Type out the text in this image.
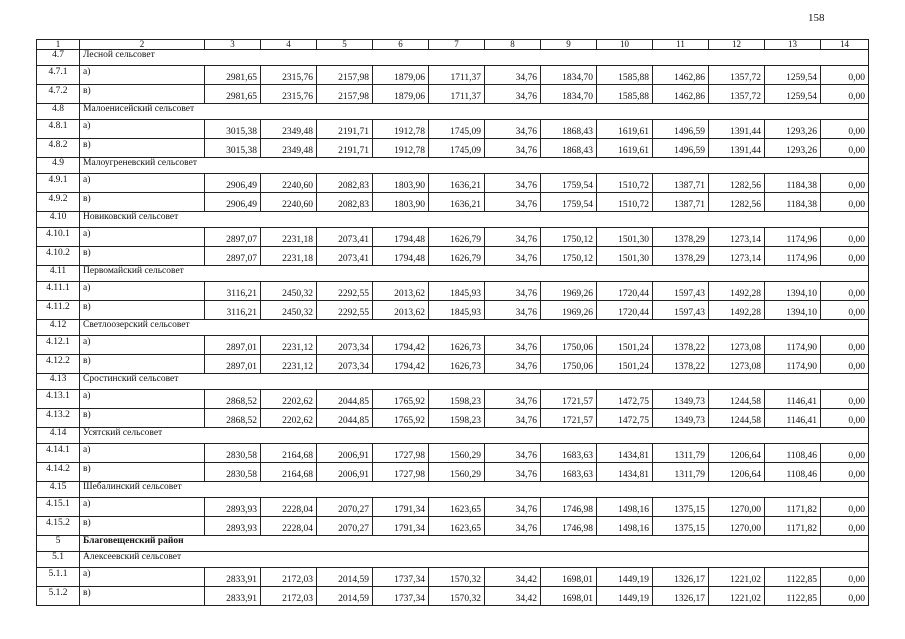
158
1	2	3	4	5	6	7	8	9	10	11	12	13	14
4.7	Лесной сельсовет												
4.7.1	а)	2981,65	2315,76	2157,98	1879,06	1711,37	34,76	1834,70	1585,88	1462,86	1357,72	1259,54	0,00
4.7.2	в)	2981,65	2315,76	2157,98	1879,06	1711,37	34,76	1834,70	1585,88	1462,86	1357,72	1259,54	0,00
4.8	Малоенисейский сельсовет												
4.8.1	а)	3015,38	2349,48	2191,71	1912,78	1745,09	34,76	1868,43	1619,61	1496,59	1391,44	1293,26	0,00
4.8.2	в)	3015,38	2349,48	2191,71	1912,78	1745,09	34,76	1868,43	1619,61	1496,59	1391,44	1293,26	0,00
4.9	Малоугреневский сельсовет												
4.9.1	а)	2906,49	2240,60	2082,83	1803,90	1636,21	34,76	1759,54	1510,72	1387,71	1282,56	1184,38	0,00
4.9.2	в)	2906,49	2240,60	2082,83	1803,90	1636,21	34,76	1759,54	1510,72	1387,71	1282,56	1184,38	0,00
4.10	Новиковский сельсовет												
4.10.1	а)	2897,07	2231,18	2073,41	1794,48	1626,79	34,76	1750,12	1501,30	1378,29	1273,14	1174,96	0,00
4.10.2	в)	2897,07	2231,18	2073,41	1794,48	1626,79	34,76	1750,12	1501,30	1378,29	1273,14	1174,96	0,00
4.11	Первомайский сельсовет												
4.11.1	а)	3116,21	2450,32	2292,55	2013,62	1845,93	34,76	1969,26	1720,44	1597,43	1492,28	1394,10	0,00
4.11.2	в)	3116,21	2450,32	2292,55	2013,62	1845,93	34,76	1969,26	1720,44	1597,43	1492,28	1394,10	0,00
4.12	Светлоозерский сельсовет												
4.12.1	а)	2897,01	2231,12	2073,34	1794,42	1626,73	34,76	1750,06	1501,24	1378,22	1273,08	1174,90	0,00
4.12.2	в)	2897,01	2231,12	2073,34	1794,42	1626,73	34,76	1750,06	1501,24	1378,22	1273,08	1174,90	0,00
4.13	Сростинский сельсовет												
4.13.1	а)	2868,52	2202,62	2044,85	1765,92	1598,23	34,76	1721,57	1472,75	1349,73	1244,58	1146,41	0,00
4.13.2	в)	2868,52	2202,62	2044,85	1765,92	1598,23	34,76	1721,57	1472,75	1349,73	1244,58	1146,41	0,00
4.14	Усятский сельсовет												
4.14.1	а)	2830,58	2164,68	2006,91	1727,98	1560,29	34,76	1683,63	1434,81	1311,79	1206,64	1108,46	0,00
4.14.2	в)	2830,58	2164,68	2006,91	1727,98	1560,29	34,76	1683,63	1434,81	1311,79	1206,64	1108,46	0,00
4.15	Шебалинский сельсовет												
4.15.1	а)	2893,93	2228,04	2070,27	1791,34	1623,65	34,76	1746,98	1498,16	1375,15	1270,00	1171,82	0,00
4.15.2	в)	2893,93	2228,04	2070,27	1791,34	1623,65	34,76	1746,98	1498,16	1375,15	1270,00	1171,82	0,00
5	Благовещенский район												
5.1	Алексеевский сельсовет												
5.1.1	а)	2833,91	2172,03	2014,59	1737,34	1570,32	34,42	1698,01	1449,19	1326,17	1221,02	1122,85	0,00
5.1.2	в)	2833,91	2172,03	2014,59	1737,34	1570,32	34,42	1698,01	1449,19	1326,17	1221,02	1122,85	0,00
